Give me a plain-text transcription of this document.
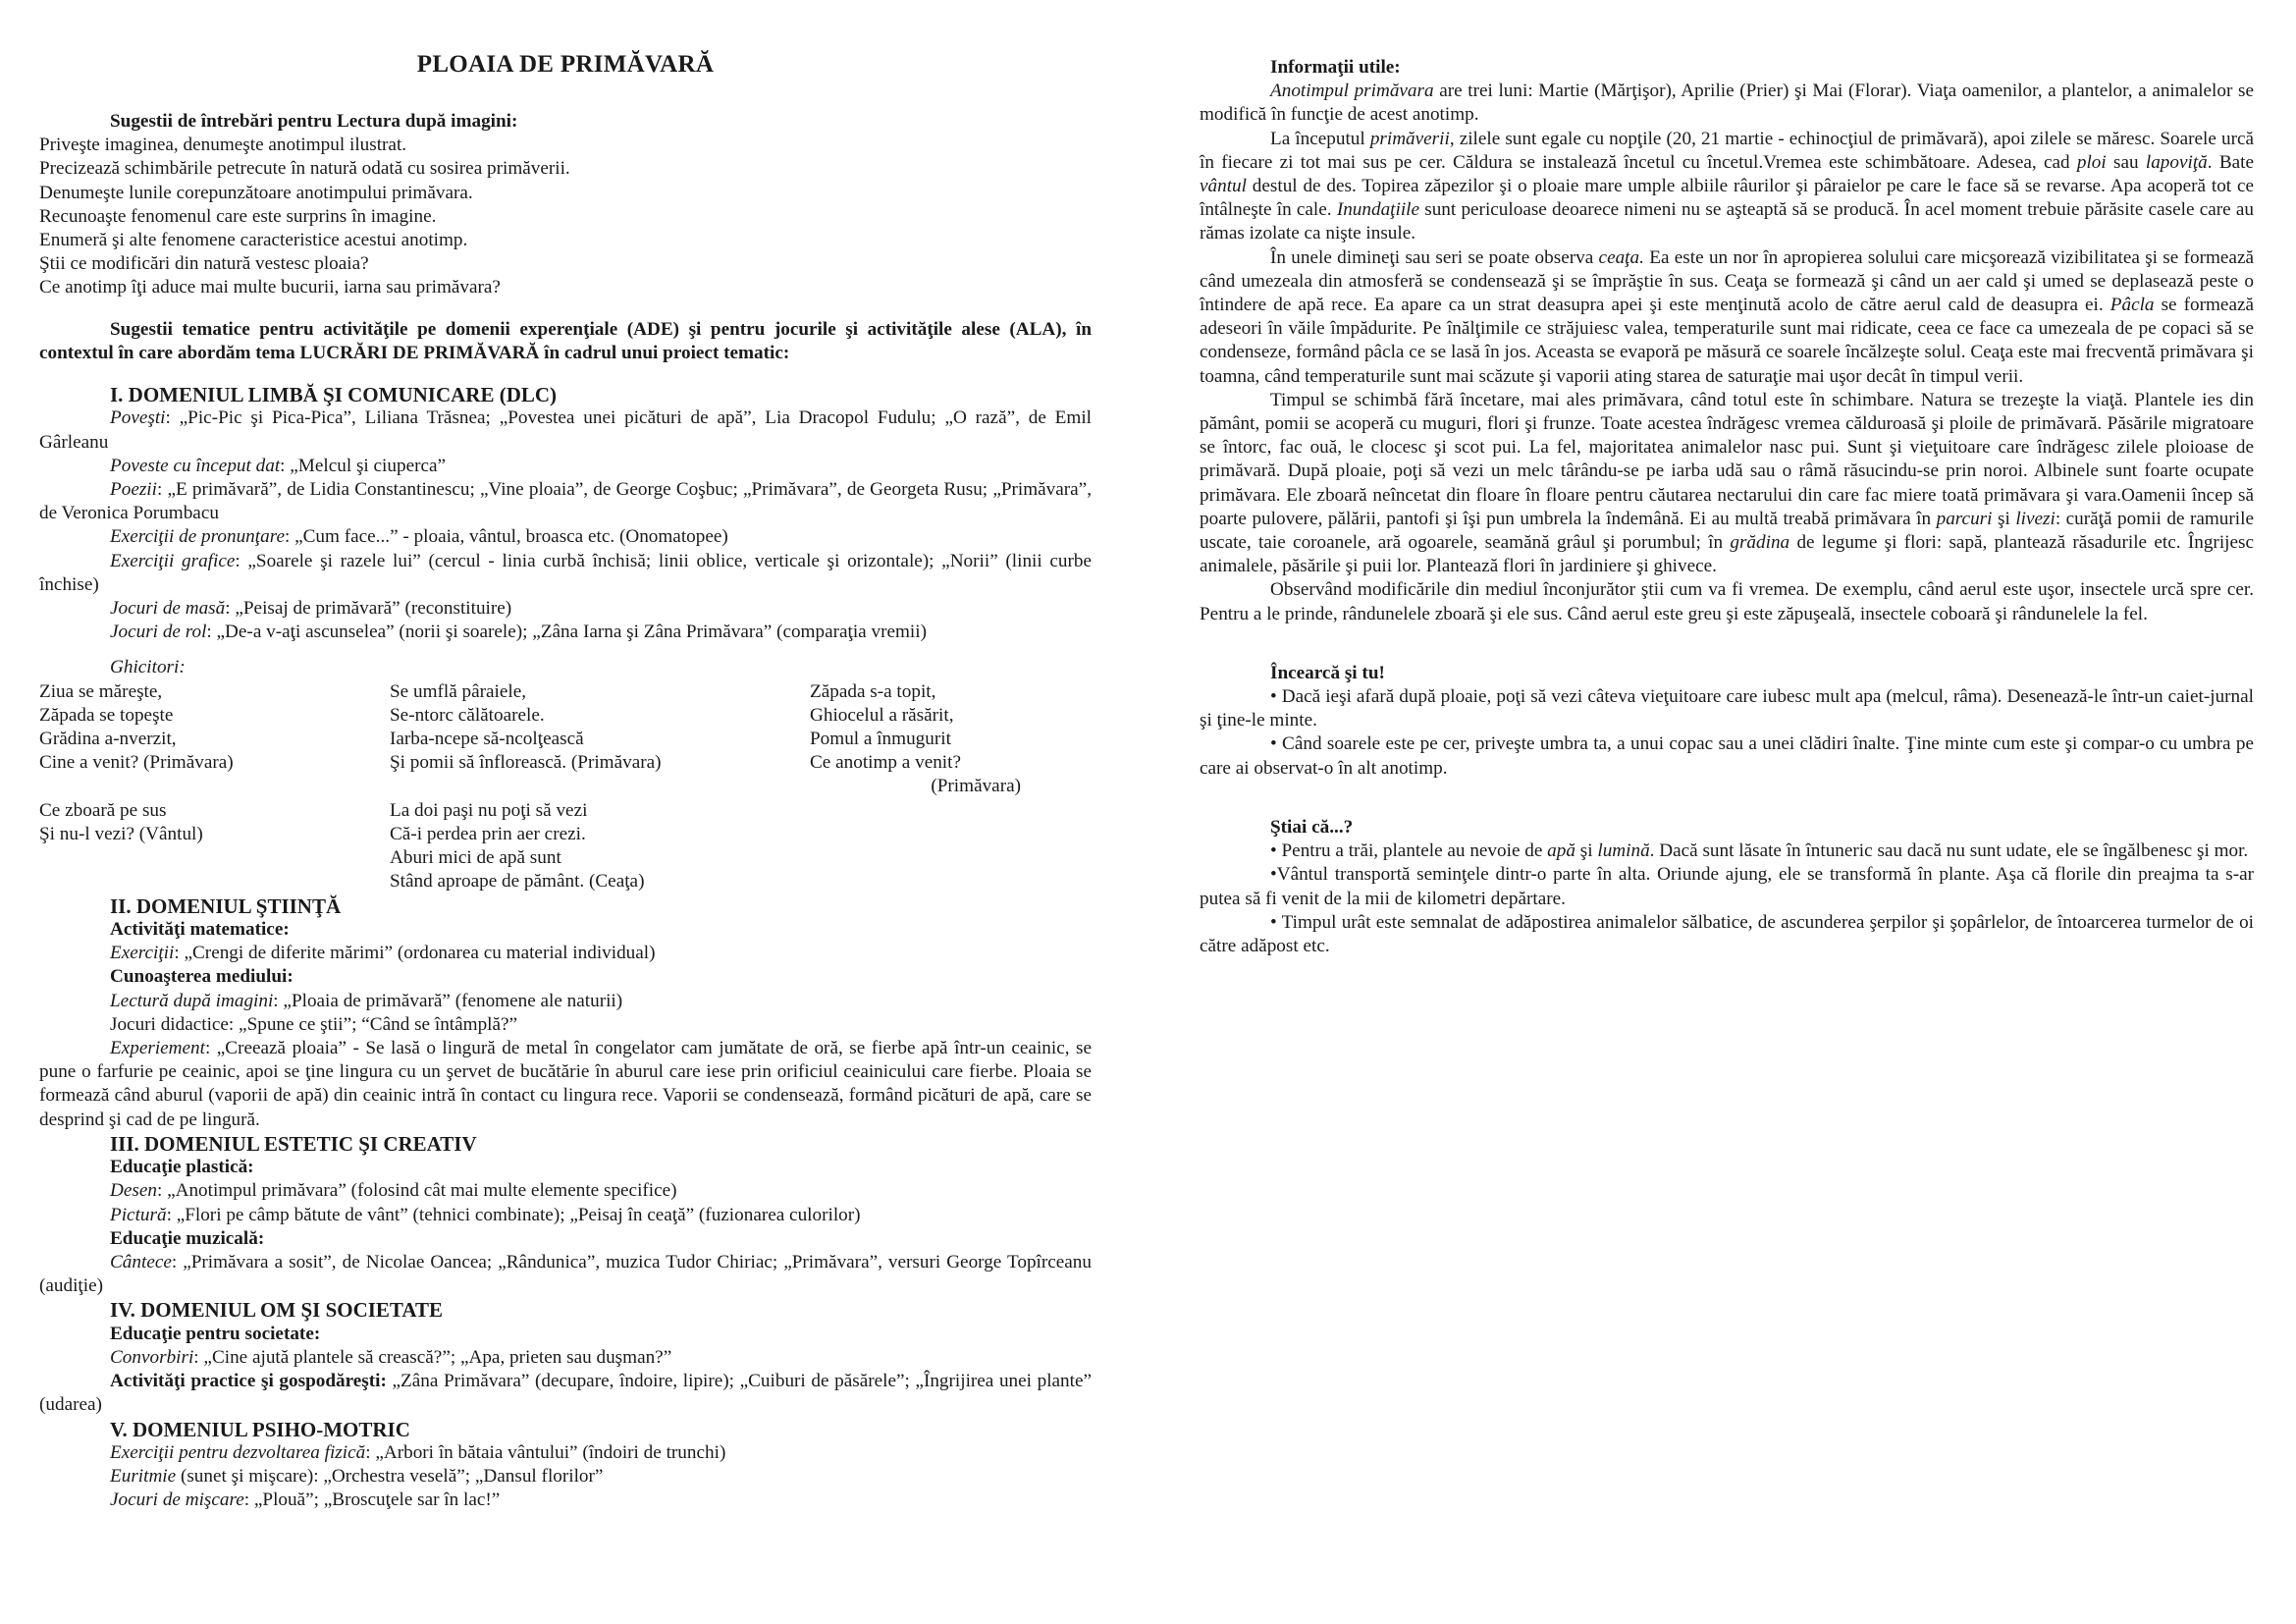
PLOAIA DE PRIMĂVARĂ

Sugestii de întrebări pentru Lectura după imagini:

Priveşte imaginea, denumeşte anotimpul ilustrat.

Precizează schimbările petrecute în natură odată cu sosirea primăverii.

Denumeşte lunile corepunzătoare anotimpului primăvara.

Recunoaşte fenomenul care este surprins în imagine.

Enumeră şi alte fenomene caracteristice acestui anotimp.

Ştii ce modificări din natură vestesc ploaia?

Ce anotimp îţi aduce mai multe bucurii, iarna sau primăvara?

Sugestii tematice pentru activităţile pe domenii experenţiale (ADE) şi pentru jocurile şi activităţile alese (ALA), în contextul în care abordăm tema LUCRĂRI DE PRIMĂVARĂ în cadrul unui proiect tematic:

I. DOMENIUL LIMBĂ ŞI COMUNICARE (DLC)

Poveşti: „Pic-Pic şi Pica-Pica”, Liliana Trăsnea; „Povestea unei picături de apă”, Lia Dracopol Fudulu; „O rază”, de Emil Gârleanu

Poveste cu început dat: „Melcul şi ciuperca”

Poezii: „E primăvară”, de Lidia Constantinescu; „Vine ploaia”, de George Coşbuc; „Primăvara”, de Georgeta Rusu; „Primăvara”, de Veronica Porumbacu

Exerciţii de pronunţare: „Cum face...” - ploaia, vântul, broasca etc. (Onomatopee)

Exerciţii grafice: „Soarele şi razele lui” (cercul - linia curbă închisă; linii oblice, verticale şi orizontale); „Norii” (linii curbe închise)

Jocuri de masă: „Peisaj de primăvară” (reconstituire)

Jocuri de rol: „De-a v-aţi ascunselea” (norii şi soarele); „Zâna Iarna şi Zâna Primăvara” (comparaţia vremii)

Ghicitori:

Ziua se măreşte,

Zăpada se topeşte

Grădina a-nverzit,

Cine a venit? (Primăvara)

Se umflă pâraiele,

Se-ntorc călătoarele.

Iarba-ncepe să-ncolţească

Şi pomii să înflorească. (Primăvara)

Zăpada s-a topit,

Ghiocelul a răsărit,

Pomul a înmugurit

Ce anotimp a venit?

(Primăvara)

Ce zboară pe sus

Şi nu-l vezi? (Vântul)

La doi paşi nu poţi să vezi

Că-i perdea prin aer crezi.

Aburi mici de apă sunt

Stând aproape de pământ. (Ceaţa)

II. DOMENIUL ŞTIINŢĂ

Activităţi matematice:

Exerciţii: „Crengi de diferite mărimi” (ordonarea cu material individual)

Cunoaşterea mediului:

Lectură după imagini: „Ploaia de primăvară” (fenomene ale naturii)

Jocuri didactice: „Spune ce ştii”; “Când se întâmplă?”

Experiement: „Creează ploaia” - Se lasă o lingură de metal în congelator cam jumătate de oră, se fierbe apă într-un ceainic, se pune o farfurie pe ceainic, apoi se ţine lingura cu un şervet de bucătărie în aburul care iese prin orificiul ceainicului care fierbe. Ploaia se formează când aburul (vaporii de apă) din ceainic intră în contact cu lingura rece. Vaporii se condensează, formând picături de apă, care se desprind şi cad de pe lingură.

III. DOMENIUL ESTETIC ŞI CREATIV

Educaţie plastică:

Desen: „Anotimpul primăvara” (folosind cât mai multe elemente specifice)

Pictură: „Flori pe câmp bătute de vânt” (tehnici combinate); „Peisaj în ceaţă” (fuzionarea culorilor)

Educaţie muzicală:

Cântece: „Primăvara a sosit”, de Nicolae Oancea; „Rândunica”, muzica Tudor Chiriac; „Primăvara”, versuri George Topîrceanu (audiţie)

IV. DOMENIUL OM ŞI SOCIETATE

Educaţie pentru societate:

Convorbiri: „Cine ajută plantele să crească?”; „Apa, prieten sau duşman?”

Activităţi practice şi gospodăreşti: „Zâna Primăvara” (decupare, îndoire, lipire); „Cuiburi de păsărele”; „Îngrijirea unei plante” (udarea)

V. DOMENIUL PSIHO-MOTRIC

Exerciţii pentru dezvoltarea fizică: „Arbori în bătaia vântului” (îndoiri de trunchi)

Euritmie (sunet şi mişcare): „Orchestra veselă”; „Dansul florilor”

Jocuri de mişcare: „Plouă”; „Broscuţele sar în lac!”

Informaţii utile:

Anotimpul primăvara are trei luni: Martie (Mărţişor), Aprilie (Prier) şi Mai (Florar). Viaţa oamenilor, a plantelor, a animalelor se modifică în funcţie de acest anotimp.

La începutul primăverii, zilele sunt egale cu nopţile (20, 21 martie - echinocţiul de primăvară), apoi zilele se măresc. Soarele urcă în fiecare zi tot mai sus pe cer. Căldura se instalează încetul cu încetul.Vremea este schimbătoare. Adesea, cad ploi sau lapoviţă. Bate vântul destul de des. Topirea zăpezilor şi o ploaie mare umple albiile râurilor şi pâraielor pe care le face să se revarse. Apa acoperă tot ce întâlneşte în cale. Inundaţiile sunt periculoase deoarece nimeni nu se aşteaptă să se producă. În acel moment trebuie părăsite casele care au rămas izolate ca nişte insule.

În unele dimineţi sau seri se poate observa ceaţa. Ea este un nor în apropierea solului care micşorează vizibilitatea şi se formează când umezeala din atmosferă se condensează şi se împrăştie în sus. Ceaţa se formează şi când un aer cald şi umed se deplasează peste o întindere de apă rece. Ea apare ca un strat deasupra apei şi este menţinută acolo de către aerul cald de deasupra ei. Pâcla se formează adeseori în văile împădurite. Pe înălţimile ce străjuiesc valea, temperaturile sunt mai ridicate, ceea ce face ca umezeala de pe copaci să se condenseze, formând pâcla ce se lasă în jos. Aceasta se evaporă pe măsură ce soarele încălzeşte solul. Ceaţa este mai frecventă primăvara şi toamna, când temperaturile sunt mai scăzute şi vaporii ating starea de saturaţie mai uşor decât în timpul verii.

Timpul se schimbă fără încetare, mai ales primăvara, când totul este în schimbare. Natura se trezeşte la viaţă. Plantele ies din pământ, pomii se acoperă cu muguri, flori şi frunze. Toate acestea îndrăgesc vremea călduroasă şi ploile de primăvară. Păsările migratoare se întorc, fac ouă, le clocesc şi scot pui. La fel, majoritatea animalelor nasc pui. Sunt şi vieţuitoare care îndrăgesc zilele ploioase de primăvară. După ploaie, poţi să vezi un melc târându-se pe iarba udă sau o râmă răsucindu-se prin noroi. Albinele sunt foarte ocupate primăvara. Ele zboară neîncetat din floare în floare pentru căutarea nectarului din care fac miere toată primăvara şi vara.Oamenii încep să poarte pulovere, pălării, pantofi şi îşi pun umbrela la îndemână. Ei au multă treabă primăvara în parcuri şi livezi: curăţă pomii de ramurile uscate, taie coroanele, ară ogoarele, seamănă grâul şi porumbul; în grădina de legume şi flori: sapă, plantează răsadurile etc. Îngrijesc animalele, păsările şi puii lor. Plantează flori în jardiniere şi ghivece.

Observând modificările din mediul înconjurător ştii cum va fi vremea. De exemplu, când aerul este uşor, insectele urcă spre cer. Pentru a le prinde, rândunelele zboară şi ele sus. Când aerul este greu şi este zăpuşeală, insectele coboară şi rândunelele la fel.

Încearcă şi tu!

• Dacă ieşi afară după ploaie, poţi să vezi câteva vieţuitoare care iubesc mult apa (melcul, râma). Desenează-le într-un caiet-jurnal şi ţine-le minte.

• Când soarele este pe cer, priveşte umbra ta, a unui copac sau a unei clădiri înalte. Ţine minte cum este şi compar-o cu umbra pe care ai observat-o în alt anotimp.

Ştiai că...?

• Pentru a trăi, plantele au nevoie de apă şi lumină. Dacă sunt lăsate în întuneric sau dacă nu sunt udate, ele se îngălbenesc şi mor.

•Vântul transportă seminţele dintr-o parte în alta. Oriunde ajung, ele se transformă în plante. Aşa că florile din preajma ta s-ar putea să fi venit de la mii de kilometri depărtare.

• Timpul urât este semnalat de adăpostirea animalelor sălbatice, de ascunderea şerpilor şi şopârlelor, de întoarcerea turmelor de oi către adăpost etc.
